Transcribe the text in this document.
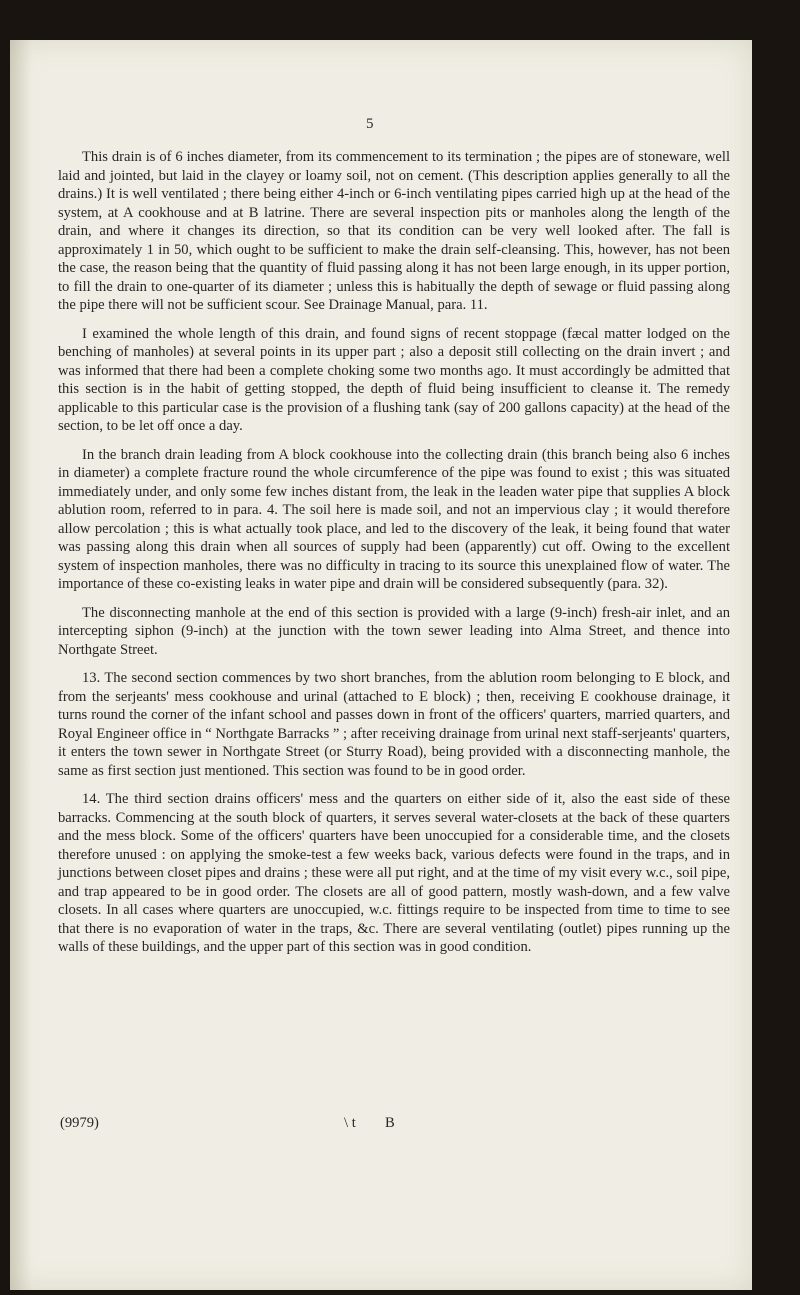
5

This drain is of 6 inches diameter, from its commencement to its termination ; the pipes are of stoneware, well laid and jointed, but laid in the clayey or loamy soil, not on cement. (This description applies generally to all the drains.) It is well ventilated ; there being either 4-inch or 6-inch ventilating pipes carried high up at the head of the system, at A cookhouse and at B latrine. There are several inspection pits or manholes along the length of the drain, and where it changes its direction, so that its condition can be very well looked after. The fall is approximately 1 in 50, which ought to be sufficient to make the drain self-cleansing. This, however, has not been the case, the reason being that the quantity of fluid passing along it has not been large enough, in its upper portion, to fill the drain to one-quarter of its diameter ; unless this is habitually the depth of sewage or fluid passing along the pipe there will not be sufficient scour. See Drainage Manual, para. 11.

I examined the whole length of this drain, and found signs of recent stoppage (fæcal matter lodged on the benching of manholes) at several points in its upper part ; also a deposit still collecting on the drain invert ; and was informed that there had been a complete choking some two months ago. It must accordingly be admitted that this section is in the habit of getting stopped, the depth of fluid being insufficient to cleanse it. The remedy applicable to this particular case is the provision of a flushing tank (say of 200 gallons capacity) at the head of the section, to be let off once a day.

In the branch drain leading from A block cookhouse into the collecting drain (this branch being also 6 inches in diameter) a complete fracture round the whole circumference of the pipe was found to exist ; this was situated immediately under, and only some few inches distant from, the leak in the leaden water pipe that supplies A block ablution room, referred to in para. 4. The soil here is made soil, and not an impervious clay ; it would therefore allow percolation ; this is what actually took place, and led to the discovery of the leak, it being found that water was passing along this drain when all sources of supply had been (apparently) cut off. Owing to the excellent system of inspection manholes, there was no difficulty in tracing to its source this unexplained flow of water. The importance of these co-existing leaks in water pipe and drain will be considered subsequently (para. 32).

The disconnecting manhole at the end of this section is provided with a large (9-inch) fresh-air inlet, and an intercepting siphon (9-inch) at the junction with the town sewer leading into Alma Street, and thence into Northgate Street.

13. The second section commences by two short branches, from the ablution room belonging to E block, and from the serjeants' mess cookhouse and urinal (attached to E block) ; then, receiving E cookhouse drainage, it turns round the corner of the infant school and passes down in front of the officers' quarters, married quarters, and Royal Engineer office in “ Northgate Barracks ” ; after receiving drainage from urinal next staff-serjeants' quarters, it enters the town sewer in Northgate Street (or Sturry Road), being provided with a disconnecting manhole, the same as first section just mentioned. This section was found to be in good order.

14. The third section drains officers' mess and the quarters on either side of it, also the east side of these barracks. Commencing at the south block of quarters, it serves several water-closets at the back of these quarters and the mess block. Some of the officers' quarters have been unoccupied for a considerable time, and the closets therefore unused : on applying the smoke-test a few weeks back, various defects were found in the traps, and in junctions between closet pipes and drains ; these were all put right, and at the time of my visit every w.c., soil pipe, and trap appeared to be in good order. The closets are all of good pattern, mostly wash-down, and a few valve closets. In all cases where quarters are unoccupied, w.c. fittings require to be inspected from time to time to see that there is no evaporation of water in the traps, &c. There are several ventilating (outlet) pipes running up the walls of these buildings, and the upper part of this section was in good condition.

(9979)	\ t B
